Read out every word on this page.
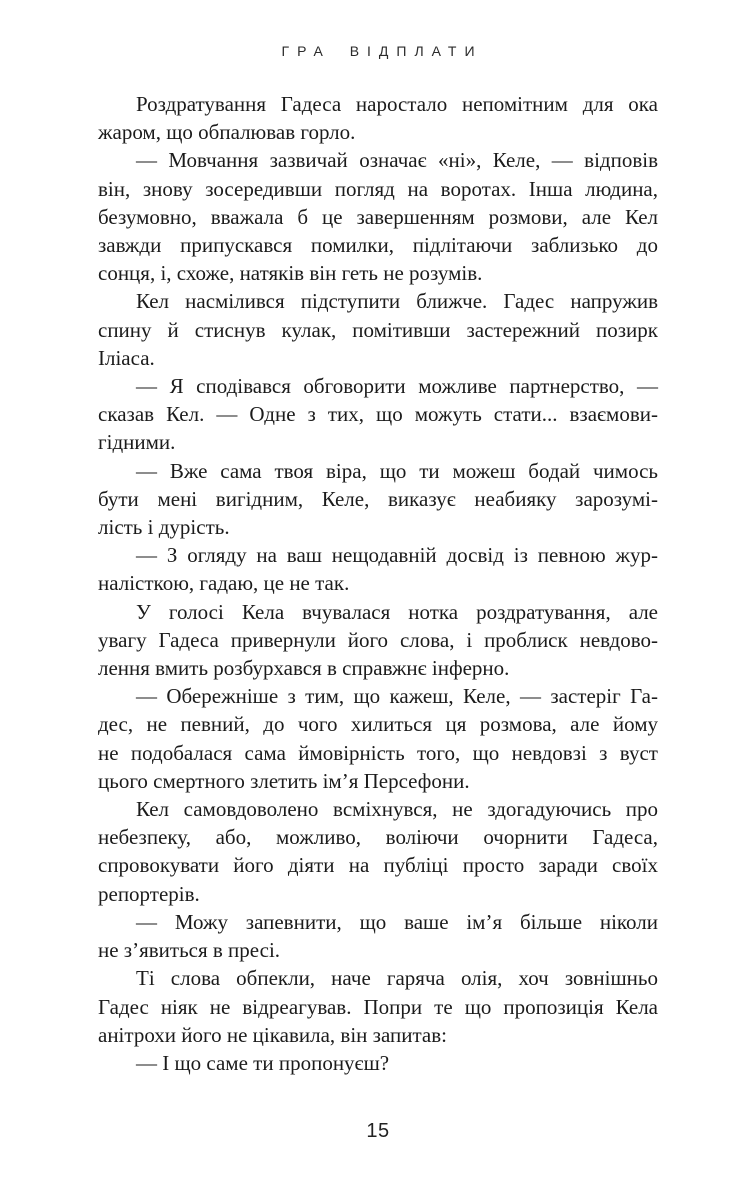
ГРА ВІДПЛАТИ
Роздратування Гадеса наростало непомітним для ока
жаром, що обпалював горло.
— Мовчання зазвичай означає «ні», Келе, — відповів
він, знову зосередивши погляд на воротах. Інша людина,
безумовно, вважала б це завершенням розмови, але Кел
завжди припускався помилки, підлітаючи заблизько до
сонця, і, схоже, натяків він геть не розумів.
Кел насмілився підступити ближче. Гадес напружив
спину й стиснув кулак, помітивши застережний позирк
Іліаса.
— Я сподівався обговорити можливе партнерство, —
сказав Кел. — Одне з тих, що можуть стати... взаємови-
гідними.
— Вже сама твоя віра, що ти можеш бодай чимось
бути мені вигідним, Келе, виказує неабияку зарозумі-
лість і дурість.
— З огляду на ваш нещодавній досвід із певною жур-
налісткою, гадаю, це не так.
У голосі Кела вчувалася нотка роздратування, але
увагу Гадеса привернули його слова, і проблиск невдово-
лення вмить розбурхався в справжнє інферно.
— Обережніше з тим, що кажеш, Келе, — застеріг Га-
дес, не певний, до чого хилиться ця розмова, але йому
не подобалася сама ймовірність того, що невдовзі з вуст
цього смертного злетить ім’я Персефони.
Кел самовдоволено всміхнувся, не здогадуючись про
небезпеку, або, можливо, воліючи очорнити Гадеса,
спровокувати його діяти на публіці просто заради своїх
репортерів.
— Можу запевнити, що ваше ім’я більше ніколи
не з’явиться в пресі.
Ті слова обпекли, наче гаряча олія, хоч зовнішньо
Гадес ніяк не відреагував. Попри те що пропозиція Кела
анітрохи його не цікавила, він запитав:
— І що саме ти пропонуєш?
15
